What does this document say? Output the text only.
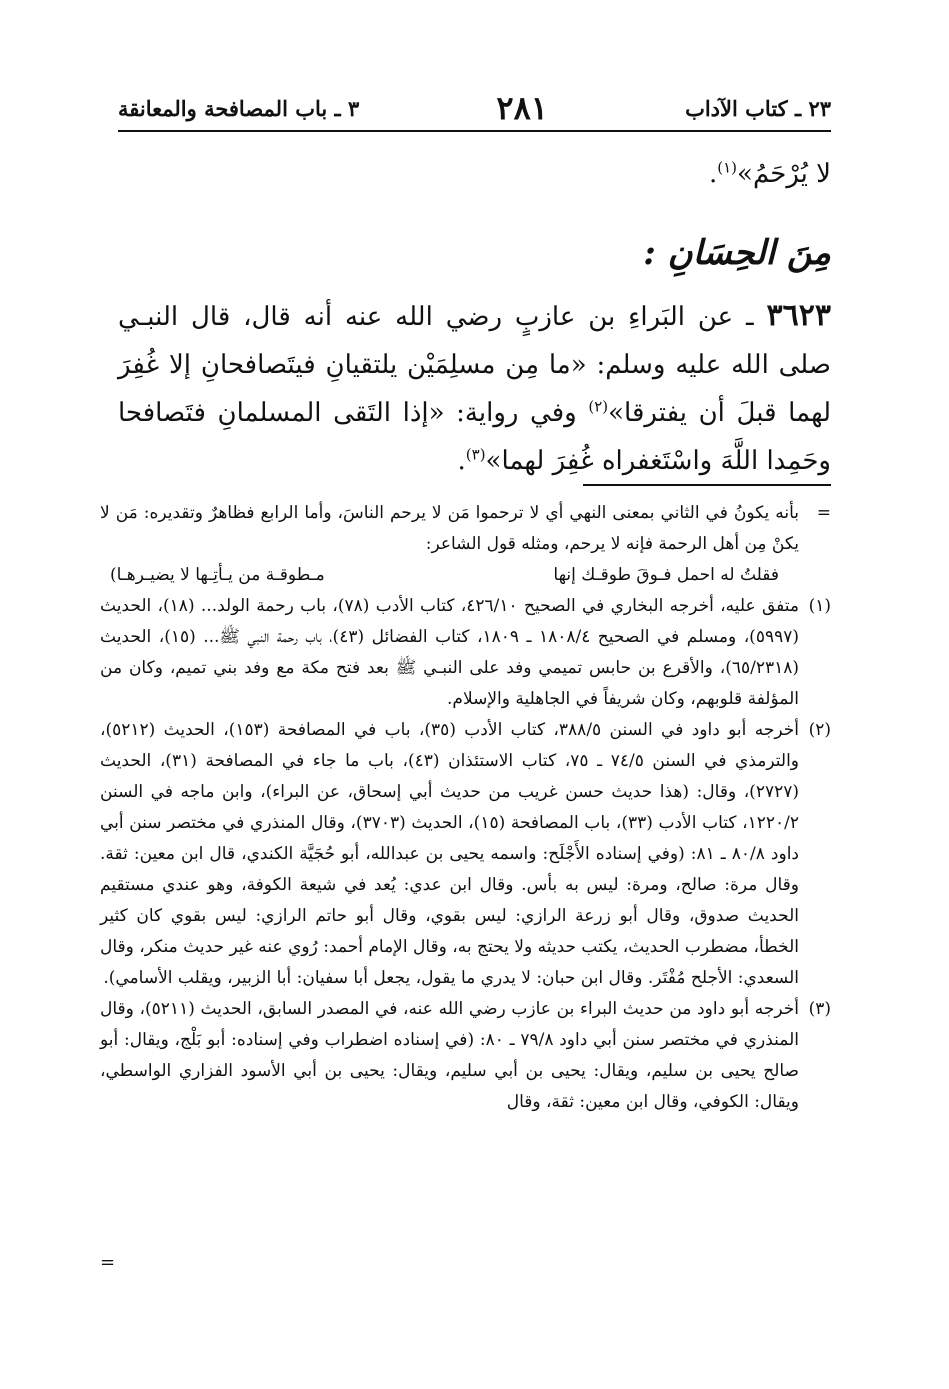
٢٣ ـ كتاب الآداب
٢٨١
٣ ـ باب المصافحة والمعانقة

لا يُرْحَمُ»$^{(١)}$.

مِنَ الحِسَانِ :

٣٦٢٣ ـ عن البَراءِ بن عازبٍ رضي الله عنه أنه قال، قال النبـي صلى الله عليه وسلم: «ما مِن مسلِمَيْن يلتقيانِ فيتَصافحانِ إلا غُفِرَ لهما قبلَ أن يفترقا»$^{(٢)}$ وفي رواية: «إذا التَقى المسلمانِ فتَصافحا وحَمِدا اللَّهَ واسْتَغفراه غُفِرَ لهما»$^{(٣)}$.

=
بأنه يكونُ في الثاني بمعنى النهي أي لا ترحموا مَن لا يرحم الناسَ، وأما الرابع فظاهرٌ وتقديره: مَن لا يكنْ مِن أهل الرحمة فإنه لا يرحم، ومثله قول الشاعر:
فقلتُ له احمل فـوقَ طوقـك إنها
مـطوقـة من يـأتِـها لا يضيـرهـا)
(١)
متفق عليه، أخرجه البخاري في الصحيح ٤٢٦/١٠، كتاب الأدب (٧٨)، باب رحمة الولد... (١٨)، الحديث (٥٩٩٧)، ومسلم في الصحيح ١٨٠٨/٤ ـ ١٨٠٩، كتاب الفضائل (٤٣)، باب رحمة النبي ﷺ... (١٥)، الحديث (٦٥/٢٣١٨)، والأقرع بن حابس تميمي وفد على النبـي ﷺ بعد فتح مكة مع وفد بني تميم، وكان من المؤلفة قلوبهم، وكان شريفاً في الجاهلية والإسلام.
(٢)
أخرجه أبو داود في السنن ٣٨٨/٥، كتاب الأدب (٣٥)، باب في المصافحة (١٥٣)، الحديث (٥٢١٢)، والترمذي في السنن ٧٤/٥ ـ ٧٥، كتاب الاستئذان (٤٣)، باب ما جاء في المصافحة (٣١)، الحديث (٢٧٢٧)، وقال: (هذا حديث حسن غريب من حديث أبي إسحاق، عن البراء)، وابن ماجه في السنن ١٢٢٠/٢، كتاب الأدب (٣٣)، باب المصافحة (١٥)، الحديث (٣٧٠٣)، وقال المنذري في مختصر سنن أبي داود ٨٠/٨ ـ ٨١: (وفي إسناده الأَجْلَح: واسمه يحيى بن عبدالله، أبو حُجَيَّة الكندي، قال ابن معين: ثقة. وقال مرة: صالح، ومرة: ليس به بأس. وقال ابن عدي: يُعد في شيعة الكوفة، وهو عندي مستقيم الحديث صدوق، وقال أبو زرعة الرازي: ليس بقوي، وقال أبو حاتم الرازي: ليس بقوي كان كثير الخطأ، مضطرب الحديث، يكتب حديثه ولا يحتج به، وقال الإمام أحمد: رُوي عنه غير حديث منكر، وقال السعدي: الأجلح مُفْتَر. وقال ابن حبان: لا يدري ما يقول، يجعل أبا سفيان: أبا الزبير، ويقلب الأسامي).
(٣)
أخرجه أبو داود من حديث البراء بن عازب رضي الله عنه، في المصدر السابق، الحديث (٥٢١١)، وقال المنذري في مختصر سنن أبي داود ٧٩/٨ ـ ٨٠: (في إسناده اضطراب وفي إسناده: أبو بَلْج، ويقال: أبو صالح يحيى بن سليم، ويقال: يحيى بن أبي سليم، ويقال: يحيى بن أبي الأسود الفزاري الواسطي، ويقال: الكوفي، وقال ابن معين: ثقة، وقال
=
